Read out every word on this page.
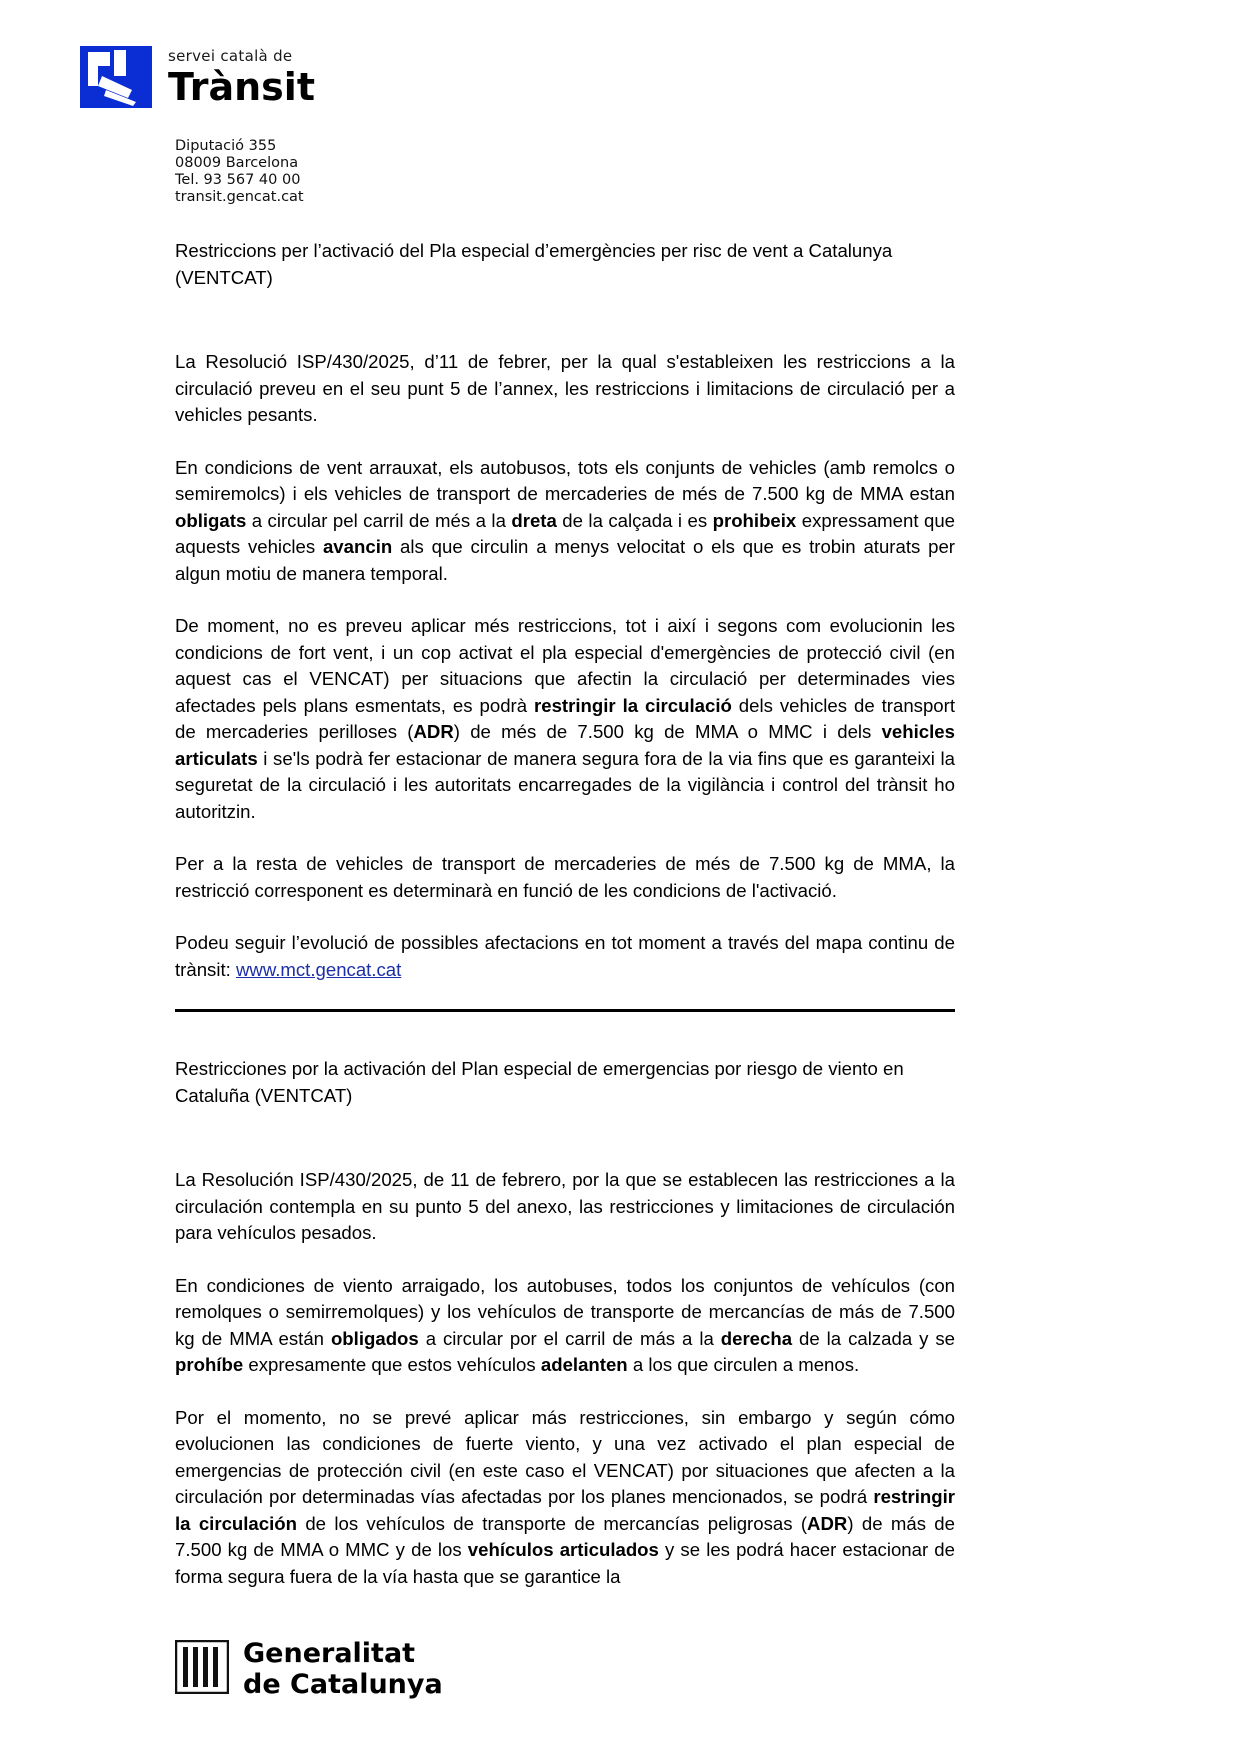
servei català de
Trànsit
Diputació 355
08009 Barcelona
Tel. 93 567 40 00
transit.gencat.cat

Restriccions per l’activació del Pla especial d’emergències per risc de vent a Catalunya (VENTCAT)

La Resolució ISP/430/2025, d’11 de febrer, per la qual s'estableixen les restriccions a la circulació preveu en el seu punt 5 de l’annex, les restriccions i limitacions de circulació per a vehicles pesants.

En condicions de vent arrauxat, els autobusos, tots els conjunts de vehicles (amb remolcs o semiremolcs) i els vehicles de transport de mercaderies de més de 7.500 kg de MMA estan obligats a circular pel carril de més a la dreta de la calçada i es prohibeix expressament que aquests vehicles avancin als que circulin a menys velocitat o els que es trobin aturats per algun motiu de manera temporal.

De moment, no es preveu aplicar més restriccions, tot i així i segons com evolucionin les condicions de fort vent, i un cop activat el pla especial d'emergències de protecció civil (en aquest cas el VENCAT) per situacions que afectin la circulació per determinades vies afectades pels plans esmentats, es podrà restringir la circulació dels vehicles de transport de mercaderies perilloses (ADR) de més de 7.500 kg de MMA o MMC i dels vehicles articulats i se'ls podrà fer estacionar de manera segura fora de la via fins que es garanteixi la seguretat de la circulació i les autoritats encarregades de la vigilància i control del trànsit ho autoritzin.

Per a la resta de vehicles de transport de mercaderies de més de 7.500 kg de MMA, la restricció corresponent es determinarà en funció de les condicions de l'activació.

Podeu seguir l’evolució de possibles afectacions en tot moment a través del mapa continu de trànsit: www.mct.gencat.cat

Restricciones por la activación del Plan especial de emergencias por riesgo de viento en Cataluña (VENTCAT)

La Resolución ISP/430/2025, de 11 de febrero, por la que se establecen las restricciones a la circulación contempla en su punto 5 del anexo, las restricciones y limitaciones de circulación para vehículos pesados.

En condiciones de viento arraigado, los autobuses, todos los conjuntos de vehículos (con remolques o semirremolques) y los vehículos de transporte de mercancías de más de 7.500 kg de MMA están obligados a circular por el carril de más a la derecha de la calzada y se prohíbe expresamente que estos vehículos adelanten a los que circulen a menos.

Por el momento, no se prevé aplicar más restricciones, sin embargo y según cómo evolucionen las condiciones de fuerte viento, y una vez activado el plan especial de emergencias de protección civil (en este caso el VENCAT) por situaciones que afecten a la circulación por determinadas vías afectadas por los planes mencionados, se podrá restringir la circulación de los vehículos de transporte de mercancías peligrosas (ADR) de más de 7.500 kg de MMA o MMC y de los vehículos articulados y se les podrá hacer estacionar de forma segura fuera de la vía hasta que se garantice la

Generalitat
de Catalunya
